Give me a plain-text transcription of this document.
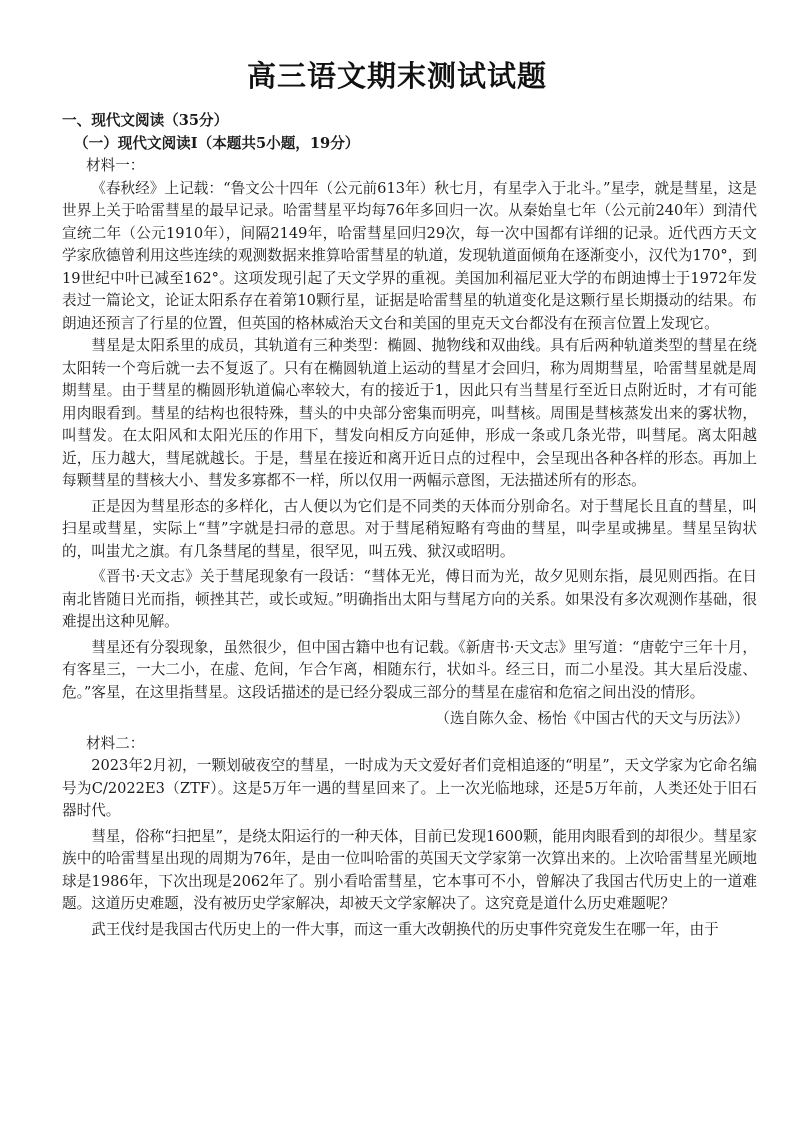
高三语文期末测试试题

一、现代文阅读（35分）

（一）现代文阅读Ⅰ（本题共5小题，19分）

材料一：

《春秋经》上记载：“鲁文公十四年（公元前613年）秋七月，有星孛入于北斗。”星孛，就是彗星，这是世界上关于哈雷彗星的最早记录。哈雷彗星平均每76年多回归一次。从秦始皇七年（公元前240年）到清代宣统二年（公元1910年），间隔2149年，哈雷彗星回归29次，每一次中国都有详细的记录。近代西方天文学家欣德曾利用这些连续的观测数据来推算哈雷彗星的轨道，发现轨道面倾角在逐渐变小，汉代为170°，到19世纪中叶已减至162°。这项发现引起了天文学界的重视。美国加利福尼亚大学的布朗迪博士于1972年发表过一篇论文，论证太阳系存在着第10颗行星，证据是哈雷彗星的轨道变化是这颗行星长期摄动的结果。布朗迪还预言了行星的位置，但英国的格林威治天文台和美国的里克天文台都没有在预言位置上发现它。

彗星是太阳系里的成员，其轨道有三种类型：椭圆、抛物线和双曲线。具有后两种轨道类型的彗星在绕太阳转一个弯后就一去不复返了。只有在椭圆轨道上运动的彗星才会回归，称为周期彗星，哈雷彗星就是周期彗星。由于彗星的椭圆形轨道偏心率较大，有的接近于1，因此只有当彗星行至近日点附近时，才有可能用肉眼看到。彗星的结构也很特殊，彗头的中央部分密集而明亮，叫彗核。周围是彗核蒸发出来的雾状物，叫彗发。在太阳风和太阳光压的作用下，彗发向相反方向延伸，形成一条或几条光带，叫彗尾。离太阳越近，压力越大，彗尾就越长。于是，彗星在接近和离开近日点的过程中，会呈现出各种各样的形态。再加上每颗彗星的彗核大小、彗发多寡都不一样，所以仅用一两幅示意图，无法描述所有的形态。

正是因为彗星形态的多样化，古人便以为它们是不同类的天体而分别命名。对于彗尾长且直的彗星，叫扫星或彗星，实际上“彗”字就是扫帚的意思。对于彗尾稍短略有弯曲的彗星，叫孛星或拂星。彗星呈钩状的，叫蚩尤之旗。有几条彗尾的彗星，很罕见，叫五残、狱汉或昭明。

《晋书·天文志》关于彗尾现象有一段话：“彗体无光，傅日而为光，故夕见则东指，晨见则西指。在日南北皆随日光而指，顿挫其芒，或长或短。”明确指出太阳与彗尾方向的关系。如果没有多次观测作基础，很难提出这种见解。

彗星还有分裂现象，虽然很少，但中国古籍中也有记载。《新唐书·天文志》里写道：“唐乾宁三年十月，有客星三，一大二小，在虚、危间，乍合乍离，相随东行，状如斗。经三日，而二小星没。其大星后没虚、危。”客星，在这里指彗星。这段话描述的是已经分裂成三部分的彗星在虚宿和危宿之间出没的情形。

（选自陈久金、杨怡《中国古代的天文与历法》）

材料二：

2023年2月初，一颗划破夜空的彗星，一时成为天文爱好者们竞相追逐的“明星”，天文学家为它命名编号为C/2022E3（ZTF）。这是5万年一遇的彗星回来了。上一次光临地球，还是5万年前，人类还处于旧石器时代。

彗星，俗称“扫把星”，是绕太阳运行的一种天体，目前已发现1600颗，能用肉眼看到的却很少。彗星家族中的哈雷彗星出现的周期为76年，是由一位叫哈雷的英国天文学家第一次算出来的。上次哈雷彗星光顾地球是1986年，下次出现是2062年了。别小看哈雷彗星，它本事可不小，曾解决了我国古代历史上的一道难题。这道历史难题，没有被历史学家解决，却被天文学家解决了。这究竟是道什么历史难题呢？

武王伐纣是我国古代历史上的一件大事，而这一重大改朝换代的历史事件究竟发生在哪一年，由于
